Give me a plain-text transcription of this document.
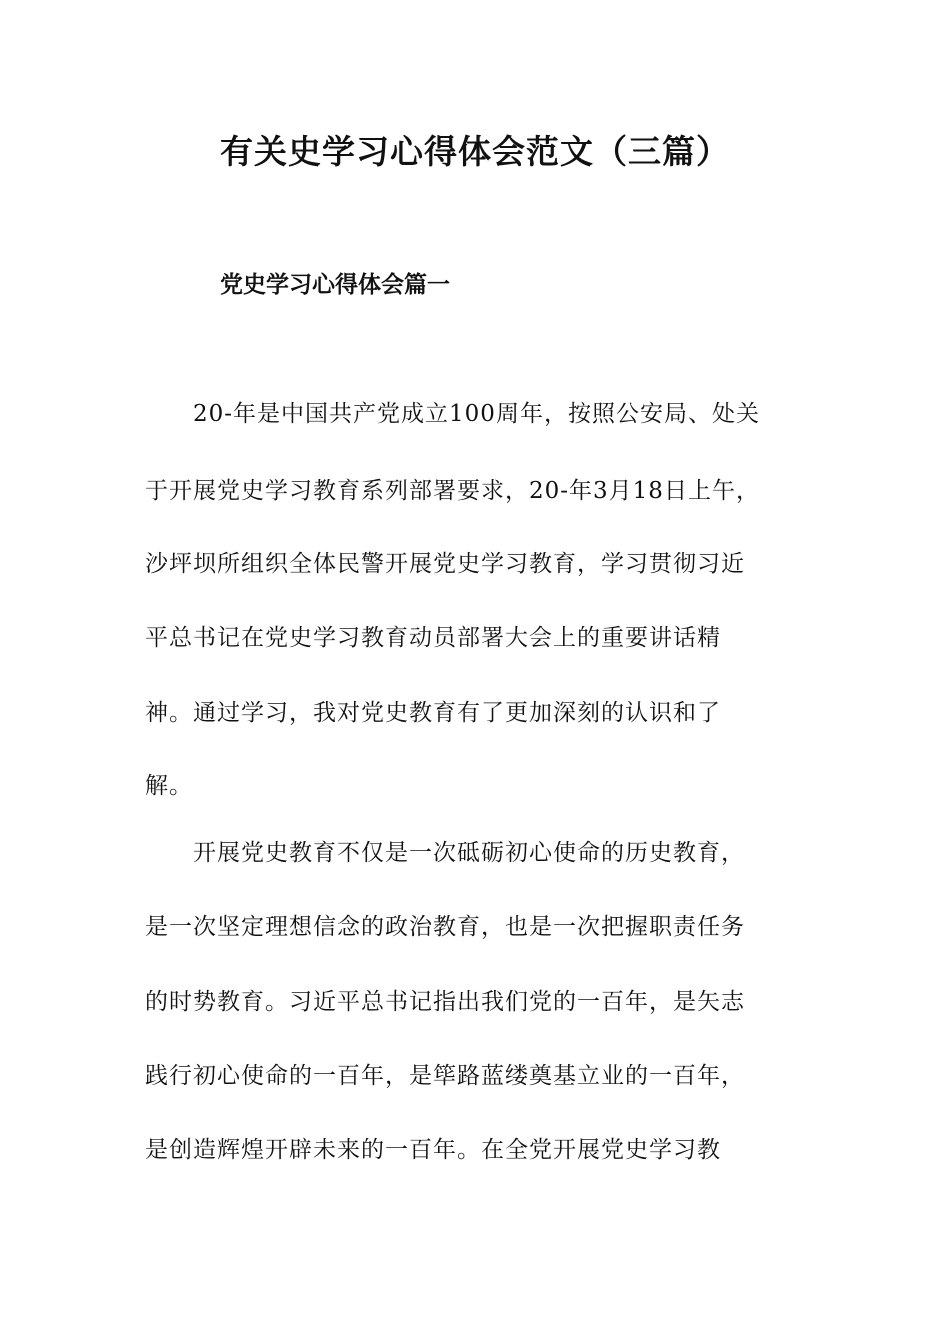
有关史学习心得体会范文（三篇）
党史学习心得体会篇一

　　20-年是中国共产党成立100周年，按照公安局、处关

于开展党史学习教育系列部署要求，20-年3月18日上午，

沙坪坝所组织全体民警开展党史学习教育，学习贯彻习近

平总书记在党史学习教育动员部署大会上的重要讲话精

神。通过学习，我对党史教育有了更加深刻的认识和了

解。

　　开展党史教育不仅是一次砥砺初心使命的历史教育，

是一次坚定理想信念的政治教育，也是一次把握职责任务

的时势教育。习近平总书记指出我们党的一百年，是矢志

践行初心使命的一百年，是筚路蓝缕奠基立业的一百年，

是创造辉煌开辟未来的一百年。在全党开展党史学习教
